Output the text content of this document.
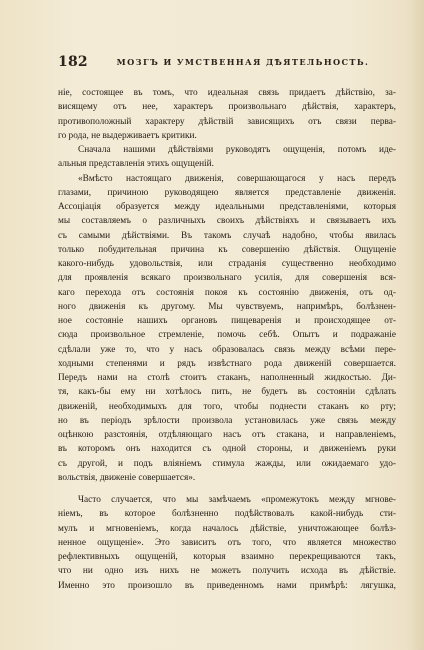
182	МОЗГЪ И УМСТВЕННАЯ ДѢЯТЕЛЬНОСТЬ.
ніе, состоящее въ томъ, что идеальная связь придаетъ дѣйствію, за-
висящему отъ нее, характеръ произвольнаго дѣйствія, характеръ,
противоположный характеру дѣйствій зависящихъ отъ связи перва-
го рода, не выдерживаетъ критики.
Сначала нашими дѣйствіями руководятъ ощущенія, потомъ иде-
альныя представленія этихъ ощущеній.
«Вмѣсто настоящаго движенія, совершающагося у насъ передъ
глазами, причиною руководящею является представленіе движенія.
Ассоціація образуется между идеальными представленіями, которыя
мы составляемъ о различныхъ своихъ дѣйствіяхъ и связываетъ ихъ
съ самыми дѣйствіями. Въ такомъ случаѣ надобно, чтобы явилась
только побудительная причина къ совершенію дѣйствія. Ощущеніе
какого-нибудь удовольствія, или страданія существенно необходимо
для проявленія всякаго произвольнаго усилія, для совершенія вся-
каго перехода отъ состоянія покоя къ состоянію движенія, отъ од-
ного движенія къ другому. Мы чувствуемъ, напримѣръ, болѣзнен-
ное состояніе нашихъ органовъ пищеваренія и происходящее от-
сюда произвольное стремленіе, помочь себѣ. Опытъ и подражаніе
сдѣлали уже то, что у насъ образовалась связь между всѣми пере-
ходными степенями и рядъ извѣстнаго рода движеній совершается.
Передъ нами на столѣ стоитъ стаканъ, наполненный жидкостью. Ди-
тя, какъ-бы ему ни хотѣлось пить, не будетъ въ состояніи сдѣлать
движеній, необходимыхъ для того, чтобы поднести стаканъ ко рту;
но въ періодъ зрѣлости произвола установилась уже связь между
оцѣнкою разстоянія, отдѣляющаго насъ отъ стакана, и направленіемъ,
въ которомъ онъ находится съ одной стороны, и движеніемъ руки
съ другой, и подъ вліяніемъ стимула жажды, или ожидаемаго удо-
вольствія, движеніе совершается».
Часто случается, что мы замѣчаемъ «промежутокъ между мгнове-
ніемъ, въ которое болѣзненно подѣйствовалъ какой-нибудь сти-
мулъ и мгновеніемъ, когда началось дѣйствіе, уничтожающее болѣз-
ненное ощущеніе». Это зависитъ отъ того, что является множество
рефлективныхъ ощущеній, которыя взаимно перекрещиваются такъ,
что ни одно изъ нихъ не можетъ получить исхода въ дѣйствіе.
Именно это произошло въ приведенномъ нами примѣрѣ: лягушка,
